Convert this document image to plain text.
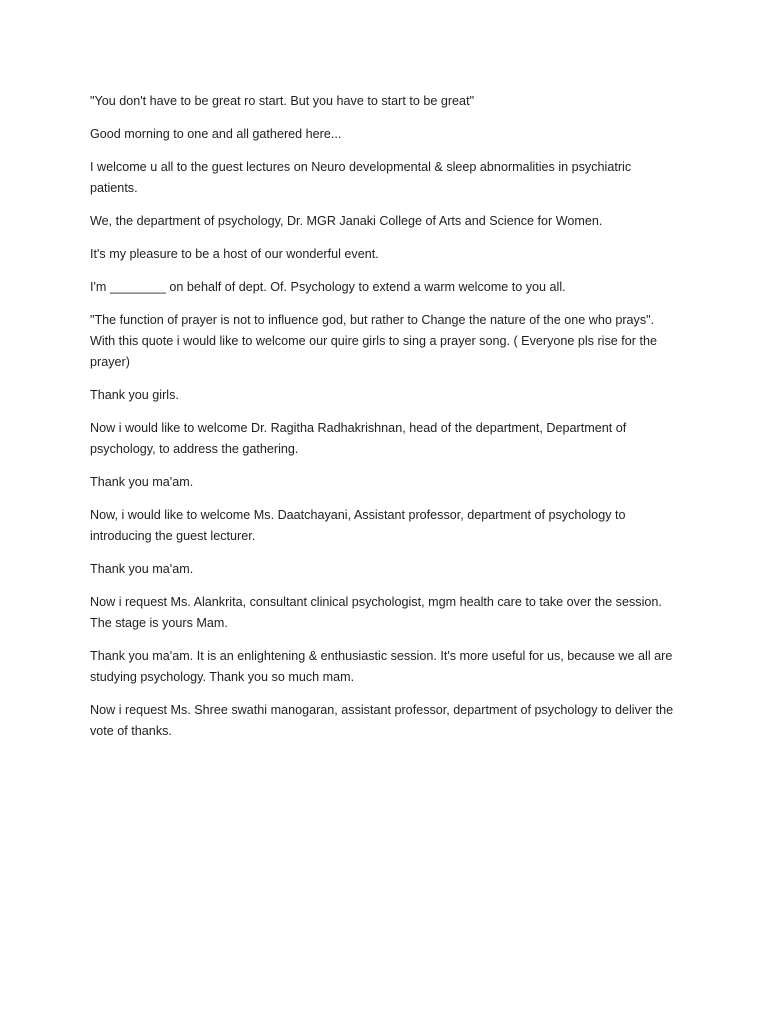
"You don't have to be great ro start. But you have to start to be great"

Good morning to one and all gathered here...

I welcome u all to the guest lectures on Neuro developmental & sleep abnormalities in psychiatric patients.

We, the department of psychology, Dr. MGR Janaki College of Arts and Science for Women.

It's my pleasure to be a host of our wonderful event.

I'm ________ on behalf of dept. Of. Psychology to extend a warm welcome to you all.

"The function of prayer is not to influence god, but rather to Change the nature of the one who prays". With this quote i would like to welcome our quire girls to sing a prayer song. ( Everyone pls rise for the prayer)

Thank you girls.

Now i would like to welcome Dr. Ragitha Radhakrishnan, head of the department, Department of psychology, to address the gathering.

Thank you ma'am.

Now, i would like to welcome Ms. Daatchayani, Assistant professor, department of psychology to introducing the guest lecturer.

Thank you ma'am.

Now i request Ms. Alankrita, consultant clinical psychologist, mgm health care to take over the session. The stage is yours Mam.

Thank you ma'am. It is an enlightening & enthusiastic session. It's more useful for us, because we all are studying psychology. Thank you so much mam.

Now i request Ms. Shree swathi manogaran, assistant professor, department of psychology to deliver the vote of thanks.
